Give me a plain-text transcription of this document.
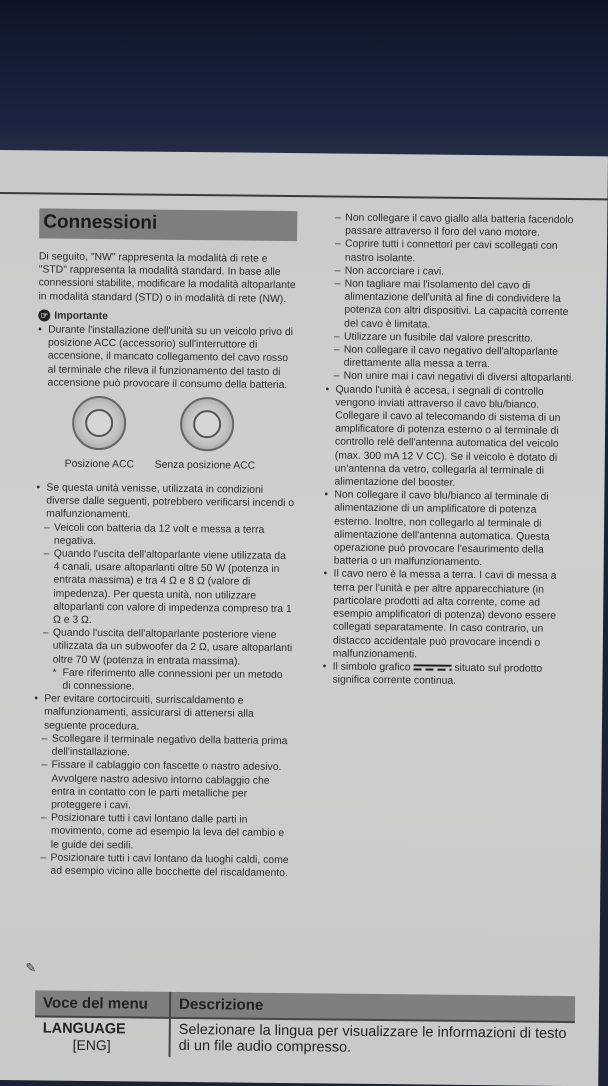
Connessioni

Di seguito, "NW" rappresenta la modalità di rete e "STD" rappresenta la modalità standard. In base alle connessioni stabilite, modificare la modalità altoparlante in modalità standard (STD) o in modalità di rete (NW).

☞ Importante

• Durante l'installazione dell'unità su un veicolo privo di posizione ACC (accessorio) sull'interruttore di accensione, il mancato collegamento del cavo rosso al terminale che rileva il funzionamento del tasto di accensione può provocare il consumo della batteria.

Posizione ACC Senza posizione ACC

• Se questa unità venisse, utilizzata in condizioni diverse dalle seguenti, potrebbero verificarsi incendi o malfunzionamenti.

– Veicoli con batteria da 12 volt e messa a terra negativa.

– Quando l'uscita dell'altoparlante viene utilizzata da 4 canali, usare altoparlanti oltre 50 W (potenza in entrata massima) e tra 4 Ω e 8 Ω (valore di impedenza). Per questa unità, non utilizzare altoparlanti con valore di impedenza compreso tra 1 Ω e 3 Ω.

– Quando l'uscita dell'altoparlante posteriore viene utilizzata da un subwoofer da 2 Ω, usare altoparlanti oltre 70 W (potenza in entrata massima).

* Fare riferimento alle connessioni per un metodo di connessione.

• Per evitare cortocircuiti, surriscaldamento e malfunzionamenti, assicurarsi di attenersi alla seguente procedura.

– Scollegare il terminale negativo della batteria prima dell'installazione.

– Fissare il cablaggio con fascette o nastro adesivo. Avvolgere nastro adesivo intorno cablaggio che entra in contatto con le parti metalliche per proteggere i cavi.

– Posizionare tutti i cavi lontano dalle parti in movimento, come ad esempio la leva del cambio e le guide dei sedili.

– Posizionare tutti i cavi lontano da luoghi caldi, come ad esempio vicino alle bocchette del riscaldamento.

– Non collegare il cavo giallo alla batteria facendolo passare attraverso il foro del vano motore.

– Coprire tutti i connettori per cavi scollegati con nastro isolante.

– Non accorciare i cavi.

– Non tagliare mai l'isolamento del cavo di alimentazione dell'unità al fine di condividere la potenza con altri dispositivi. La capacità corrente del cavo è limitata.

– Utilizzare un fusibile dal valore prescritto.

– Non collegare il cavo negativo dell'altoparlante direttamente alla messa a terra.

– Non unire mai i cavi negativi di diversi altoparlanti.

• Quando l'unità è accesa, i segnali di controllo vengono inviati attraverso il cavo blu/bianco. Collegare il cavo al telecomando di sistema di un amplificatore di potenza esterno o al terminale di controllo relè dell'antenna automatica del veicolo (max. 300 mA 12 V CC). Se il veicolo è dotato di un'antenna da vetro, collegarla al terminale di alimentazione del booster.

• Non collegare il cavo blu/bianco al terminale di alimentazione di un amplificatore di potenza esterno. Inoltre, non collegarlo al terminale di alimentazione dell'antenna automatica. Questa operazione può provocare l'esaurimento della batteria o un malfunzionamento.

• Il cavo nero è la messa a terra. I cavi di messa a terra per l'unità e per altre apparecchiature (in particolare prodotti ad alta corrente, come ad esempio amplificatori di potenza) devono essere collegati separatamente. In caso contrario, un distacco accidentale può provocare incendi o malfunzionamenti.

• Il simbolo grafico	situato sul prodotto significa corrente continua.

✎
Voce del menu	Descrizione

LANGUAGE
[ENG]	Selezionare la lingua per visualizzare le informazioni di testo di un file audio compresso.
